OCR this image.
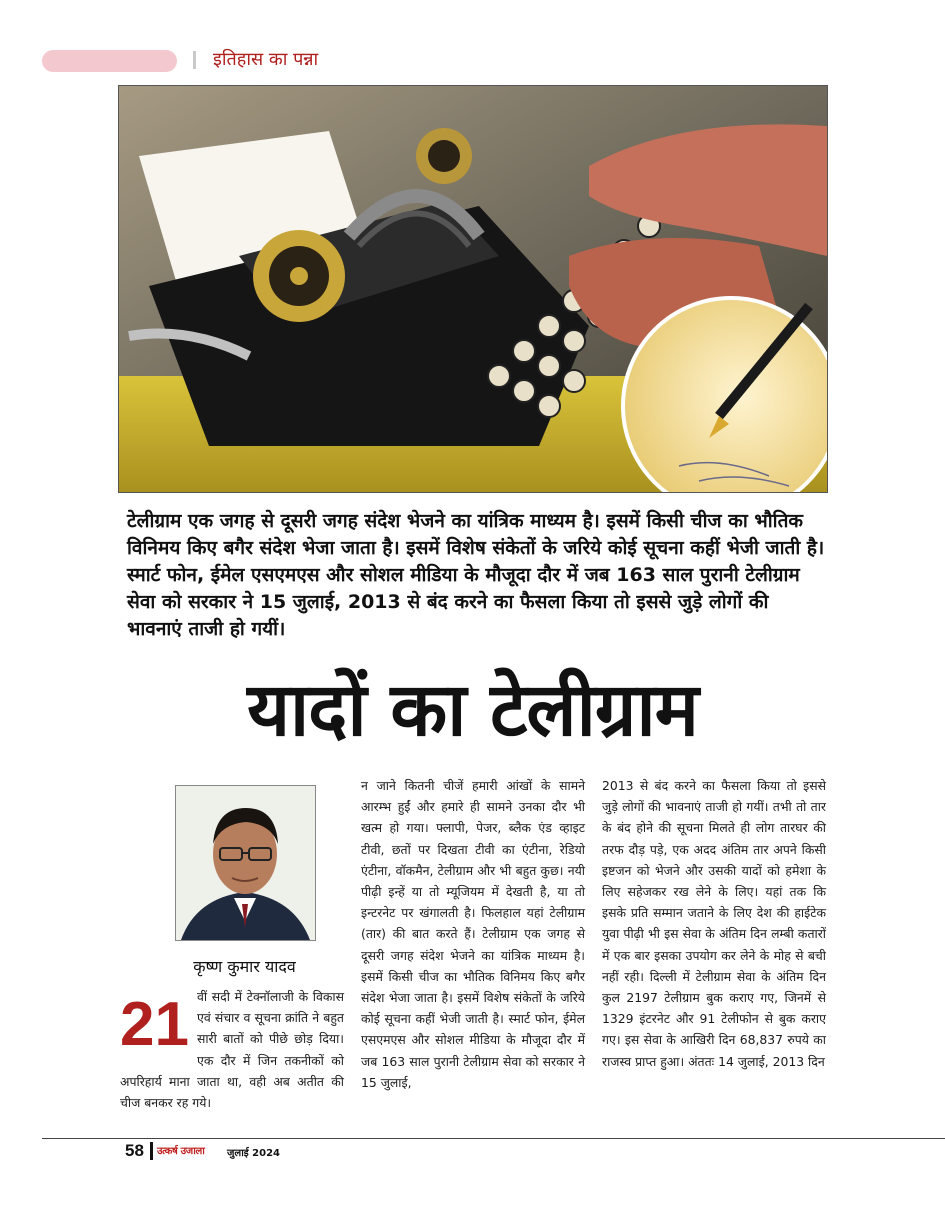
इतिहास का पन्ना

टेलीग्राम एक जगह से दूसरी जगह संदेश भेजने का यांत्रिक माध्यम है। इसमें किसी चीज का भौतिक विनिमय किए बगैर संदेश भेजा जाता है। इसमें विशेष संकेतों के जरिये कोई सूचना कहीं भेजी जाती है। स्मार्ट फोन, ईमेल एसएमएस और सोशल मीडिया के मौजूदा दौर में जब 163 साल पुरानी टेलीग्राम सेवा को सरकार ने 15 जुलाई, 2013 से बंद करने का फैसला किया तो इससे जुड़े लोगों की भावनाएं ताजी हो गयीं।

यादों का टेलीग्राम
कृष्ण कुमार यादव

21 वीं सदी में टेक्नॉलाजी के विकास एवं संचार व सूचना क्रांति ने बहुत सारी बातों को पीछे छोड़ दिया। एक दौर में जिन तकनीकों को अपरिहार्य माना जाता था, वही अब अतीत की चीज बनकर रह गये।

न जाने कितनी चीजें हमारी आंखों के सामने आरम्भ हुईं और हमारे ही सामने उनका दौर भी खत्म हो गया। फ्लापी, पेजर, ब्लैक एंड व्हाइट टीवी, छतों पर दिखता टीवी का एंटीना, रेडियो एंटीना, वॉकमैन, टेलीग्राम और भी बहुत कुछ। नयी पीढ़ी इन्हें या तो म्यूजियम में देखती है, या तो इन्टरनेट पर खंगालती है। फिलहाल यहां टेलीग्राम (तार) की बात करते हैं। टेलीग्राम एक जगह से दूसरी जगह संदेश भेजने का यांत्रिक माध्यम है। इसमें किसी चीज का भौतिक विनिमय किए बगैर संदेश भेजा जाता है। इसमें विशेष संकेतों के जरिये कोई सूचना कहीं भेजी जाती है। स्मार्ट फोन, ईमेल एसएमएस और सोशल मीडिया के मौजूदा दौर में जब 163 साल पुरानी टेलीग्राम सेवा को सरकार ने 15 जुलाई,

2013 से बंद करने का फैसला किया तो इससे जुड़े लोगों की भावनाएं ताजी हो गयीं। तभी तो तार के बंद होने की सूचना मिलते ही लोग तारघर की तरफ दौड़ पड़े, एक अदद अंतिम तार अपने किसी इष्टजन को भेजने और उसकी यादों को हमेशा के लिए सहेजकर रख लेने के लिए। यहां तक कि इसके प्रति सम्मान जताने के लिए देश की हाईटेक युवा पीढ़ी भी इस सेवा के अंतिम दिन लम्बी कतारों में एक बार इसका उपयोग कर लेने के मोह से बची नहीं रही। दिल्ली में टेलीग्राम सेवा के अंतिम दिन कुल 2197 टेलीग्राम बुक कराए गए, जिनमें से 1329 इंटरनेट और 91 टेलीफोन से बुक कराए गए। इस सेवा के आखिरी दिन 68,837 रुपये का राजस्व प्राप्त हुआ। अंततः 14 जुलाई, 2013 दिन

58 उत्कर्ष उजाला जुलाई 2024
